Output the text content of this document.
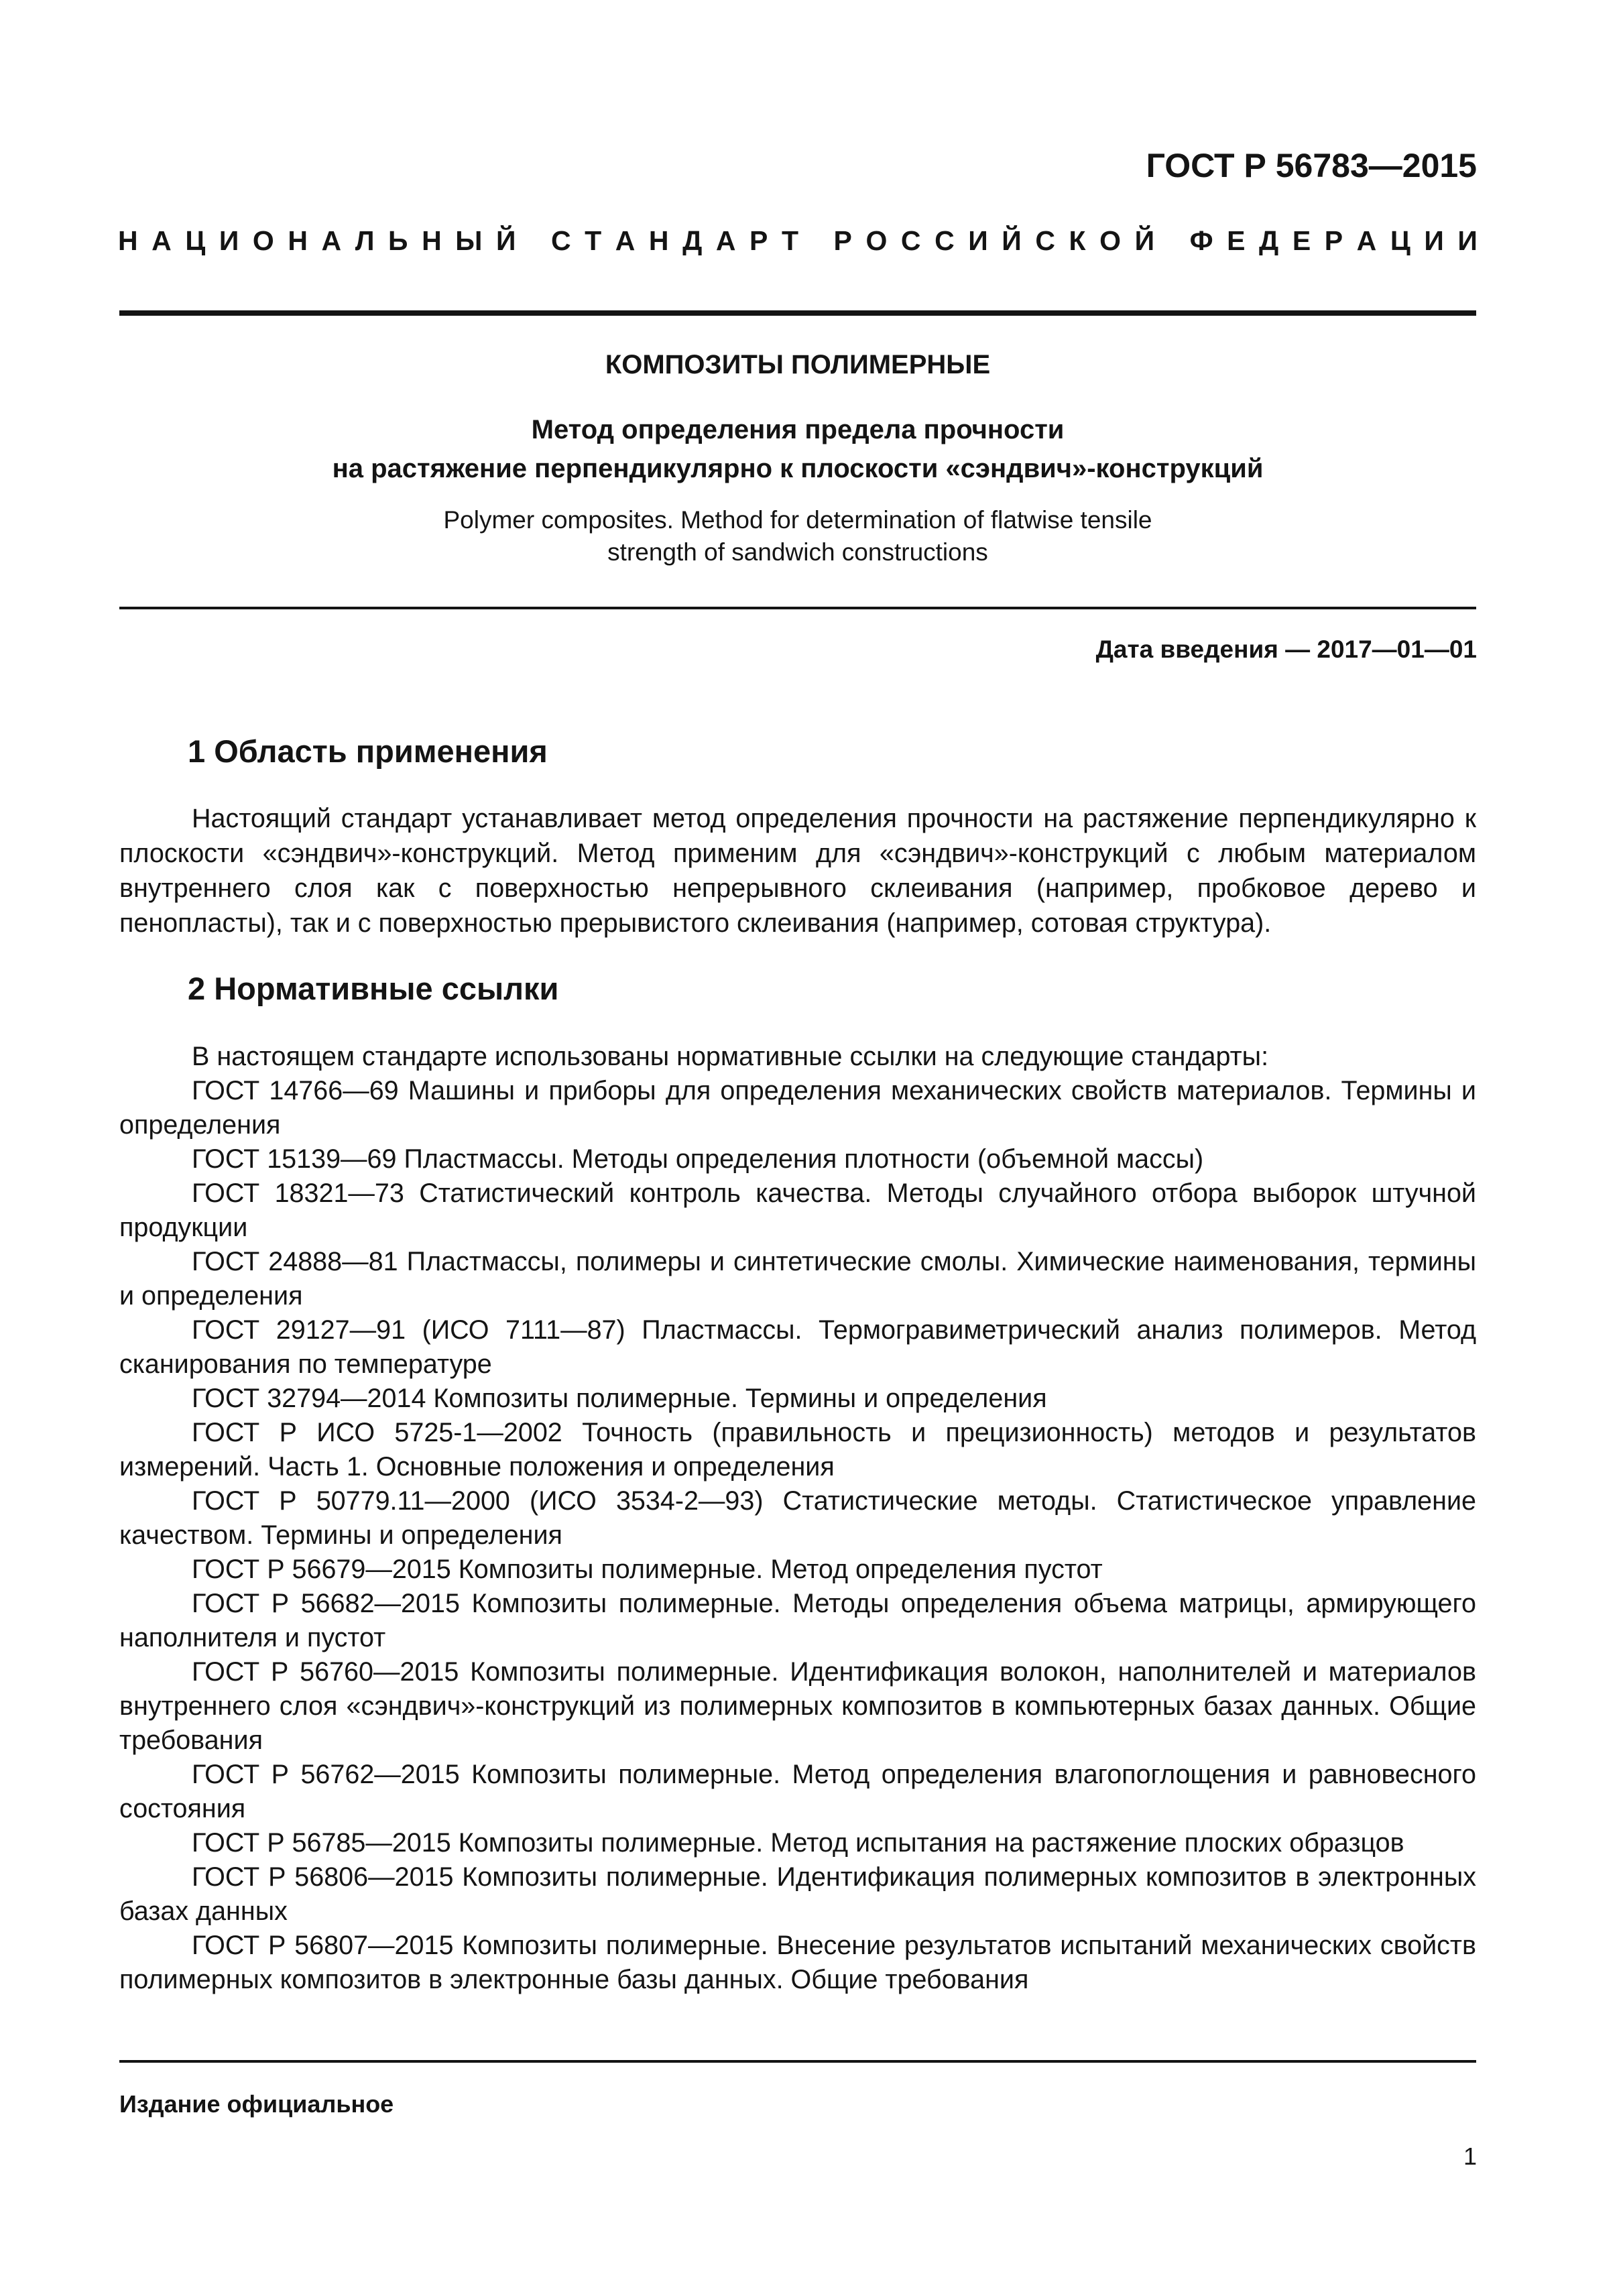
ГОСТ Р 56783—2015
Н А Ц И О Н А Л Ь Н Ы Й
С Т А Н Д А Р Т
Р О С С И Й С К О Й
Ф Е Д Е Р А Ц И И
КОМПОЗИТЫ ПОЛИМЕРНЫЕ
Метод определения предела прочности
на растяжение перпендикулярно к плоскости «сэндвич»-конструкций
Polymer composites. Method for determination of flatwise tensile
strength of sandwich constructions
Дата введения — 2017—01—01
1 Область применения

Настоящий стандарт устанавливает метод определения прочности на растяжение перпендикулярно к плоскости «сэндвич»-конструкций. Метод применим для «сэндвич»-конструкций с любым материалом внутреннего слоя как с поверхностью непрерывного склеивания (например, пробковое дерево и пенопласты), так и с поверхностью прерывистого склеивания (например, сотовая структура).

2 Нормативные ссылки

В настоящем стандарте использованы нормативные ссылки на следующие стандарты:

ГОСТ 14766—69 Машины и приборы для определения механических свойств материалов. Термины и определения

ГОСТ 15139—69 Пластмассы. Методы определения плотности (объемной массы)

ГОСТ 18321—73 Статистический контроль качества. Методы случайного отбора выборок штучной продукции

ГОСТ 24888—81 Пластмассы, полимеры и синтетические смолы. Химические наименования, термины и определения

ГОСТ 29127—91 (ИСО 7111—87) Пластмассы. Термогравиметрический анализ полимеров. Метод сканирования по температуре

ГОСТ 32794—2014 Композиты полимерные. Термины и определения

ГОСТ Р ИСО 5725-1—2002 Точность (правильность и прецизионность) методов и результатов измерений. Часть 1. Основные положения и определения

ГОСТ Р 50779.11—2000 (ИСО 3534-2—93) Статистические методы. Статистическое управление качеством. Термины и определения

ГОСТ Р 56679—2015 Композиты полимерные. Метод определения пустот

ГОСТ Р 56682—2015 Композиты полимерные. Методы определения объема матрицы, армирующего наполнителя и пустот

ГОСТ Р 56760—2015 Композиты полимерные. Идентификация волокон, наполнителей и материалов внутреннего слоя «сэндвич»-конструкций из полимерных композитов в компьютерных базах данных. Общие требования

ГОСТ Р 56762—2015 Композиты полимерные. Метод определения влагопоглощения и равновесного состояния

ГОСТ Р 56785—2015 Композиты полимерные. Метод испытания на растяжение плоских образцов

ГОСТ Р 56806—2015 Композиты полимерные. Идентификация полимерных композитов в электронных базах данных

ГОСТ Р 56807—2015 Композиты полимерные. Внесение результатов испытаний механических свойств полимерных композитов в электронные базы данных. Общие требования

Издание официальное
1
